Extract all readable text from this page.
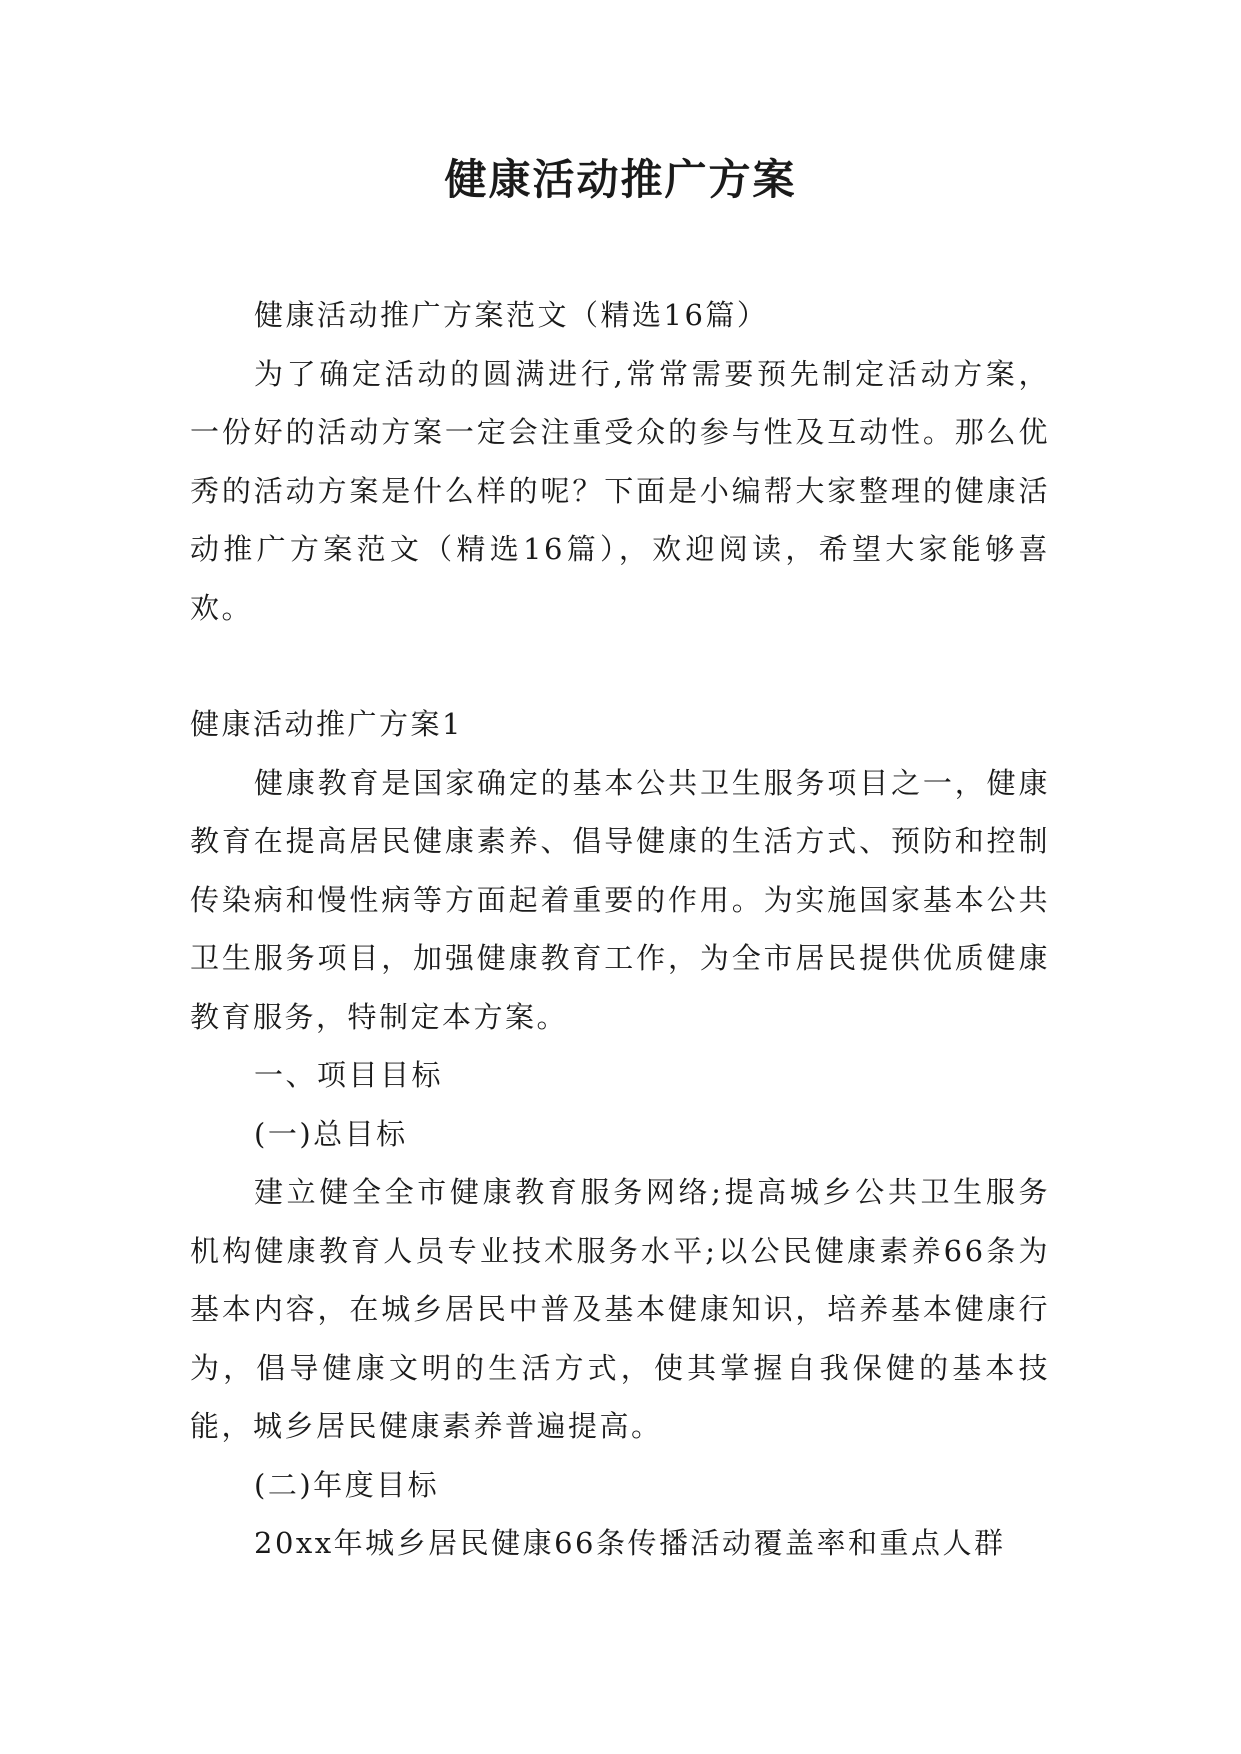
健康活动推广方案

健康活动推广方案范文（精选16篇）

为了确定活动的圆满进行,常常需要预先制定活动方案，一份好的活动方案一定会注重受众的参与性及互动性。那么优秀的活动方案是什么样的呢？下面是小编帮大家整理的健康活动推广方案范文（精选16篇），欢迎阅读，希望大家能够喜欢。

健康活动推广方案1

健康教育是国家确定的基本公共卫生服务项目之一，健康教育在提高居民健康素养、倡导健康的生活方式、预防和控制传染病和慢性病等方面起着重要的作用。为实施国家基本公共卫生服务项目，加强健康教育工作，为全市居民提供优质健康教育服务，特制定本方案。

一、项目目标

(一)总目标

建立健全全市健康教育服务网络;提高城乡公共卫生服务机构健康教育人员专业技术服务水平;以公民健康素养66条为基本内容，在城乡居民中普及基本健康知识，培养基本健康行为，倡导健康文明的生活方式，使其掌握自我保健的基本技能，城乡居民健康素养普遍提高。

(二)年度目标

20xx年城乡居民健康66条传播活动覆盖率和重点人群
